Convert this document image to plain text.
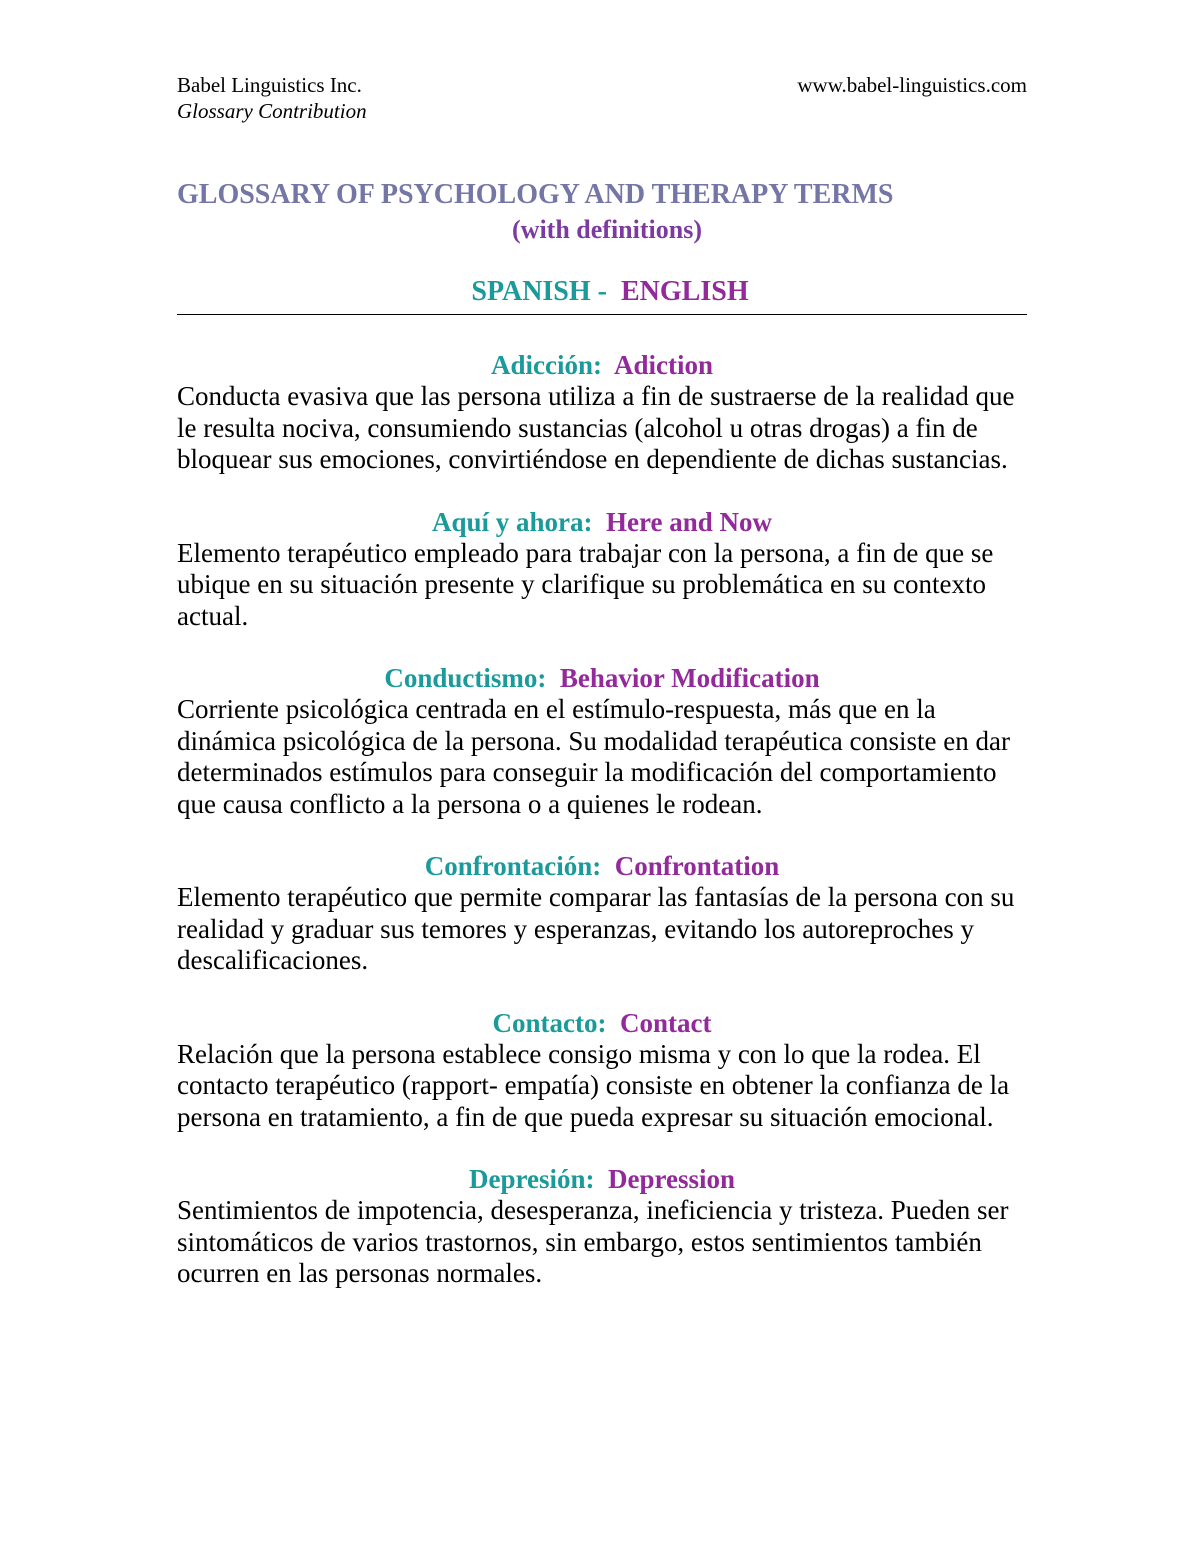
Babel Linguistics Inc.	www.babel-linguistics.com
Glossary Contribution
GLOSSARY OF PSYCHOLOGY AND THERAPY TERMS
(with definitions)
SPANISH - ENGLISH
Adicción: Adiction

Conducta evasiva que las persona utiliza a fin de sustraerse de la realidad que le resulta nociva, consumiendo sustancias (alcohol u otras drogas) a fin de bloquear sus emociones, convirtiéndose en dependiente de dichas sustancias.

Aquí y ahora: Here and Now

Elemento terapéutico empleado para trabajar con la persona, a fin de que se ubique en su situación presente y clarifique su problemática en su contexto actual.

Conductismo: Behavior Modification

Corriente psicológica centrada en el estímulo-respuesta, más que en la dinámica psicológica de la persona. Su modalidad terapéutica consiste en dar determinados estímulos para conseguir la modificación del comportamiento que causa conflicto a la persona o a quienes le rodean.

Confrontación: Confrontation

Elemento terapéutico que permite comparar las fantasías de la persona con su realidad y graduar sus temores y esperanzas, evitando los autoreproches y descalificaciones.

Contacto: Contact

Relación que la persona establece consigo misma y con lo que la rodea. El contacto terapéutico (rapport- empatía) consiste en obtener la confianza de la persona en tratamiento, a fin de que pueda expresar su situación emocional.

Depresión: Depression

Sentimientos de impotencia, desesperanza, ineficiencia y tristeza. Pueden ser sintomáticos de varios trastornos, sin embargo, estos sentimientos también ocurren en las personas normales.
